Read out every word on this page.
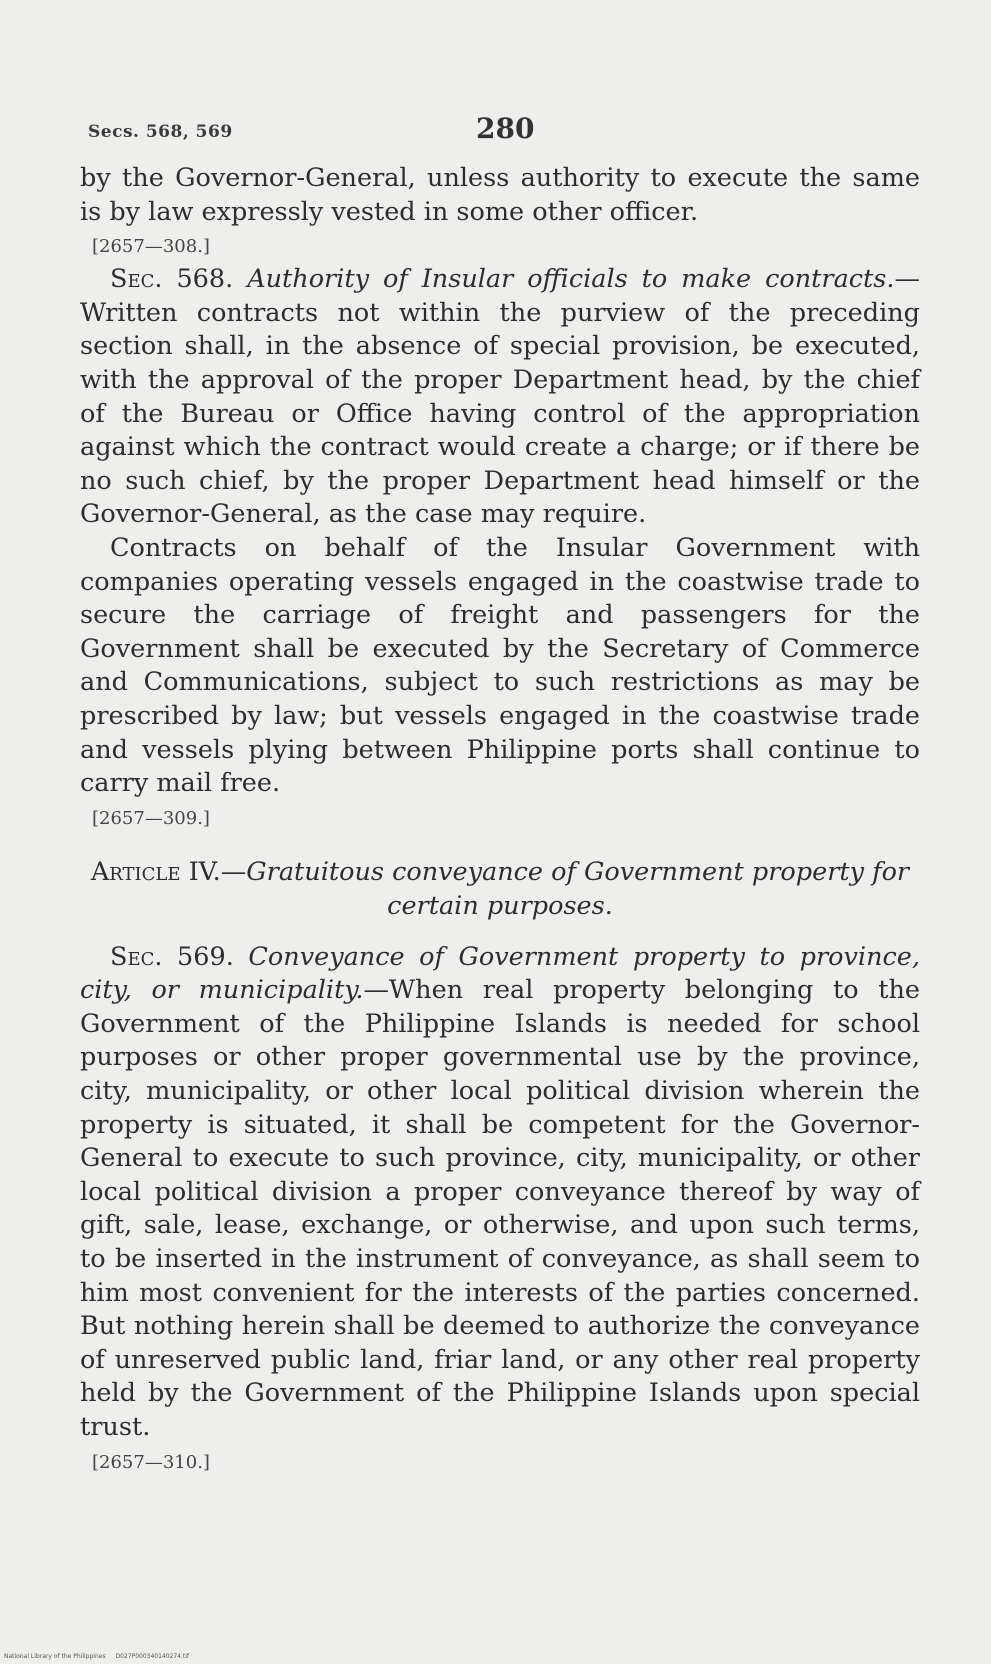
Secs. 568, 569	280

by the Governor-General, unless authority to execute the same is by law expressly vested in some other officer.

[2657—308.]

Sec. 568. Authority of Insular officials to make contracts.—Written contracts not within the purview of the preceding section shall, in the absence of special provision, be executed, with the approval of the proper Department head, by the chief of the Bureau or Office having control of the appropriation against which the contract would create a charge; or if there be no such chief, by the proper Department head himself or the Governor-General, as the case may require.

Contracts on behalf of the Insular Government with companies operating vessels engaged in the coastwise trade to secure the carriage of freight and passengers for the Government shall be executed by the Secretary of Commerce and Communications, subject to such restrictions as may be prescribed by law; but vessels engaged in the coastwise trade and vessels plying between Philippine ports shall continue to carry mail free.

[2657—309.]

Article IV.—Gratuitous conveyance of Government property for certain purposes.

Sec. 569. Conveyance of Government property to province, city, or municipality.—When real property belonging to the Government of the Philippine Islands is needed for school purposes or other proper governmental use by the province, city, municipality, or other local political division wherein the property is situated, it shall be competent for the Governor-General to execute to such province, city, municipality, or other local political division a proper conveyance thereof by way of gift, sale, lease, exchange, or otherwise, and upon such terms, to be inserted in the instrument of conveyance, as shall seem to him most convenient for the interests of the parties concerned. But nothing herein shall be deemed to authorize the conveyance of unreserved public land, friar land, or any other real property held by the Government of the Philippine Islands upon special trust.

[2657—310.]

National Library of the Philippines D027P000340140274.tif
